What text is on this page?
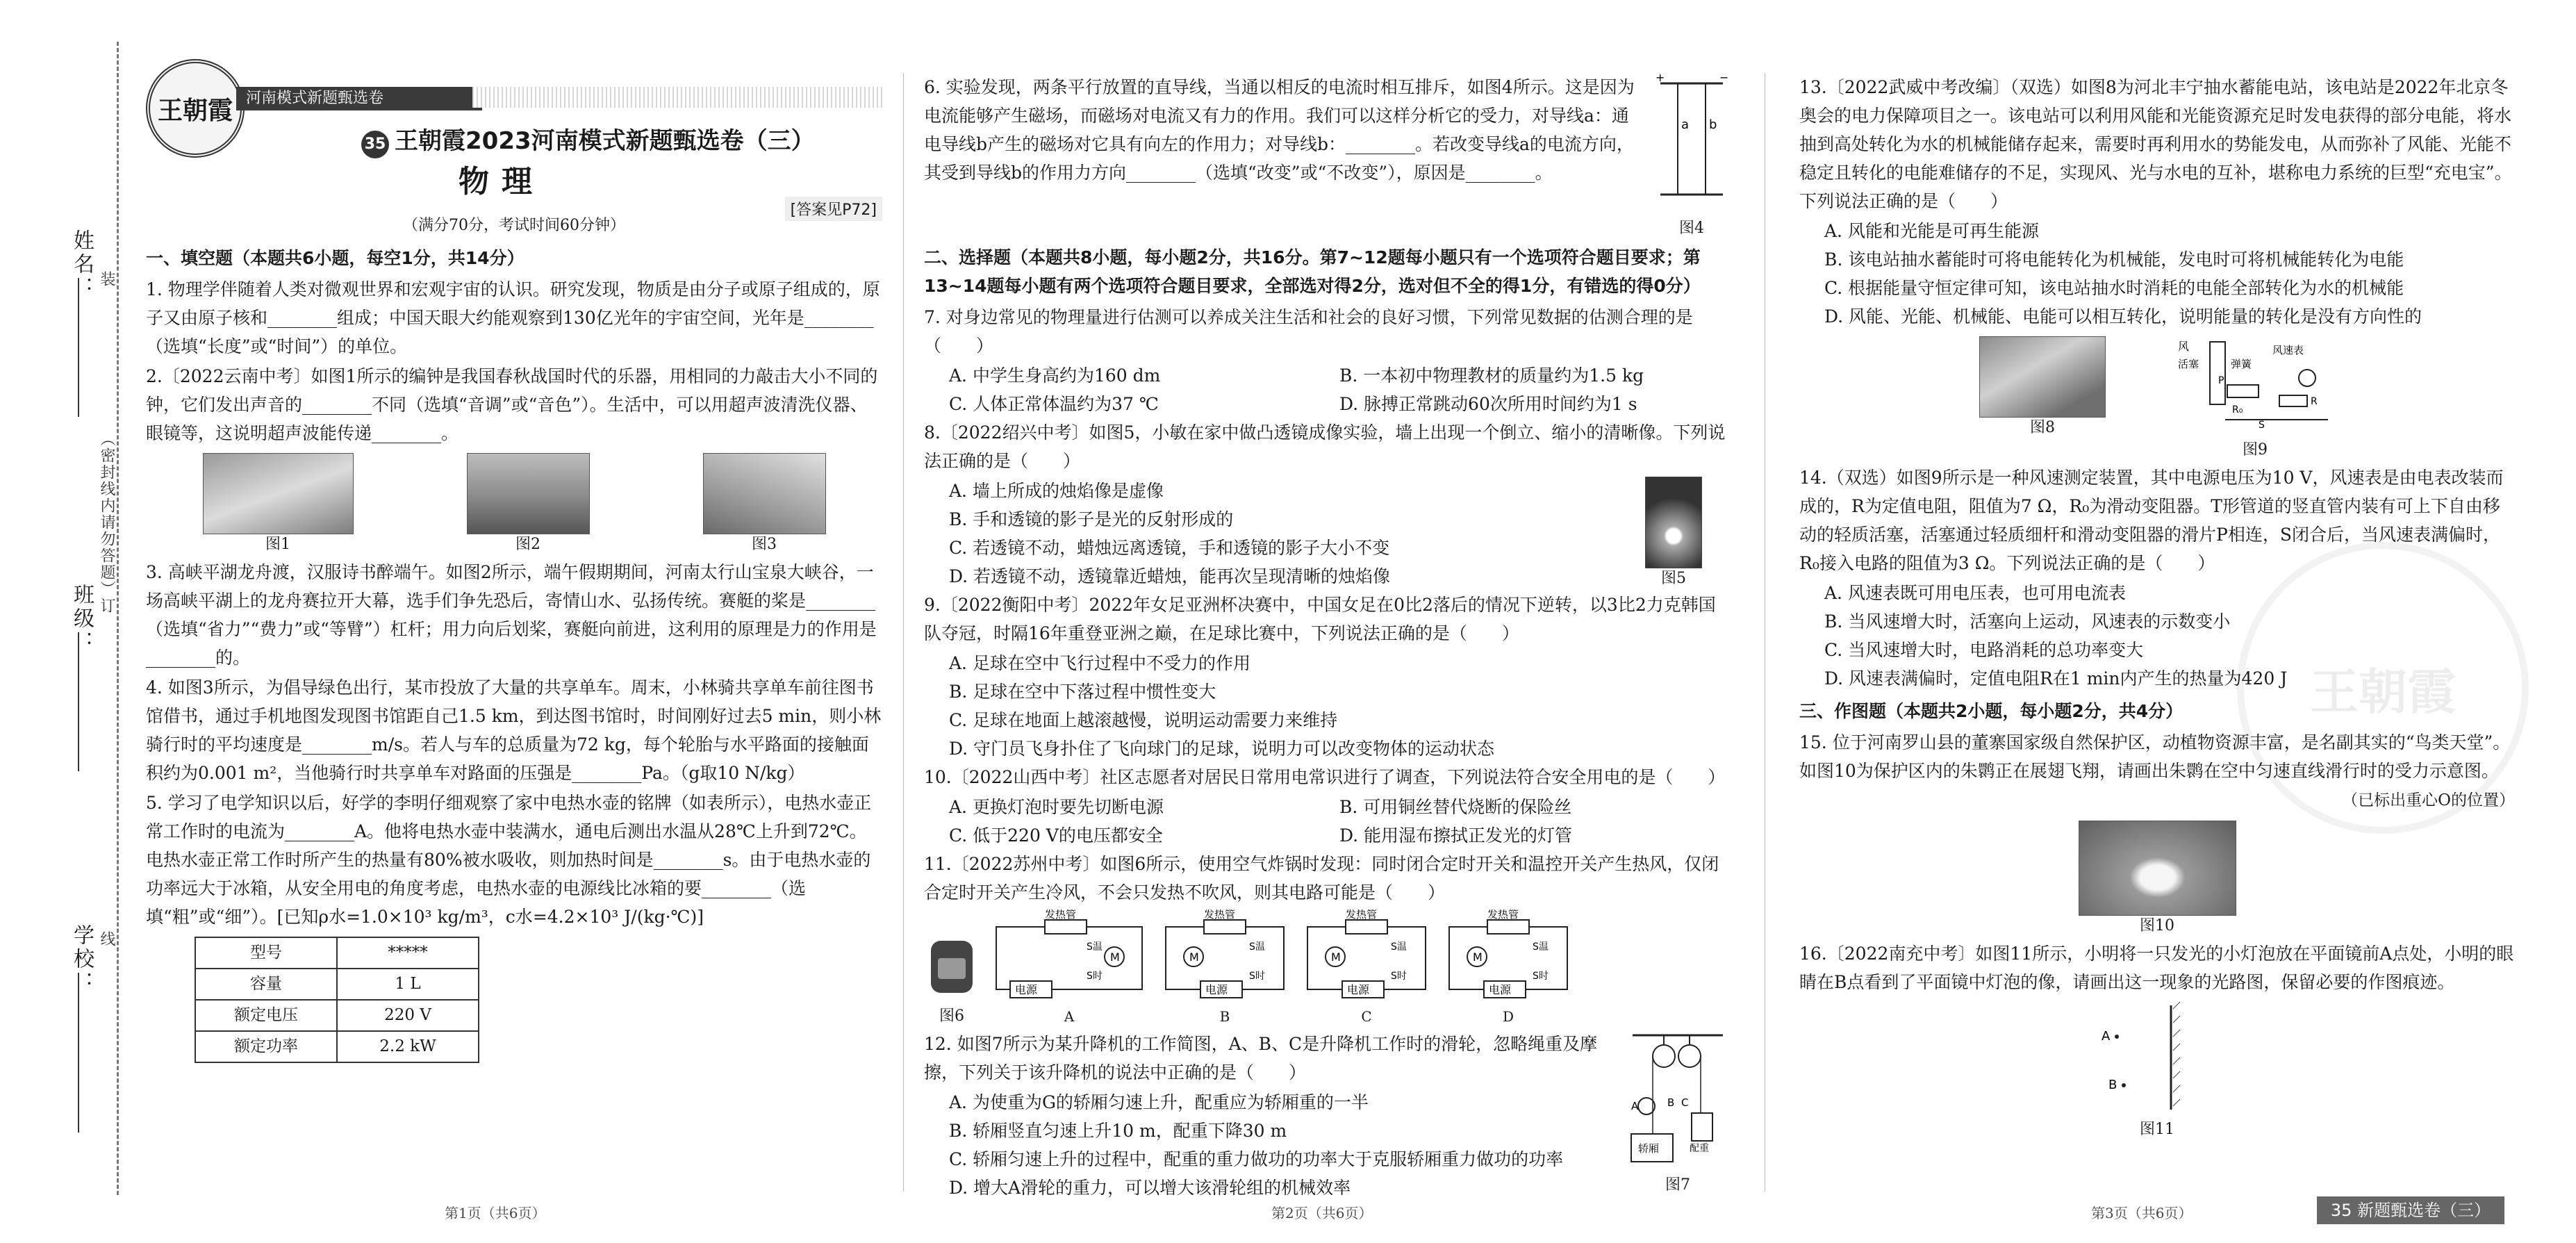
姓名：
班级：
学校：
（密封线内请勿答题）
装
订
线
王朝霞 河南模式新题甄选卷
35 王朝霞2023河南模式新题甄选卷（三）
物理
[答案见P72]

（满分70分，考试时间60分钟）

一、填空题（本题共6小题，每空1分，共14分）

1. 物理学伴随着人类对微观世界和宏观宇宙的认识。研究发现，物质是由分子或原子组成的，原子又由原子核和________组成；中国天眼大约能观察到130亿光年的宇宙空间，光年是________（选填“长度”或“时间”）的单位。

2.〔2022云南中考〕如图1所示的编钟是我国春秋战国时代的乐器，用相同的力敲击大小不同的钟，它们发出声音的________不同（选填“音调”或“音色”）。生活中，可以用超声波清洗仪器、眼镜等，这说明超声波能传递________。

图1	图2	图3

3. 高峡平湖龙舟渡，汉服诗书醉端午。如图2所示，端午假期期间，河南太行山宝泉大峡谷，一场高峡平湖上的龙舟赛拉开大幕，选手们争先恐后，寄情山水、弘扬传统。赛艇的桨是________（选填“省力”“费力”或“等臂”）杠杆；用力向后划桨，赛艇向前进，这利用的原理是力的作用是________的。

4. 如图3所示，为倡导绿色出行，某市投放了大量的共享单车。周末，小林骑共享单车前往图书馆借书，通过手机地图发现图书馆距自己1.5 km，到达图书馆时，时间刚好过去5 min，则小林骑行时的平均速度是________m/s。若人与车的总质量为72 kg，每个轮胎与水平路面的接触面积约为0.001 m²，当他骑行时共享单车对路面的压强是________Pa。（g取10 N/kg）

5. 学习了电学知识以后，好学的李明仔细观察了家中电热水壶的铭牌（如表所示），电热水壶正常工作时的电流为________A。他将电热水壶中装满水，通电后测出水温从28℃上升到72℃。电热水壶正常工作时所产生的热量有80%被水吸收，则加热时间是________s。由于电热水壶的功率远大于冰箱，从安全用电的角度考虑，电热水壶的电源线比冰箱的要________（选填“粗”或“细”）。[已知ρ水=1.0×10³ kg/m³，c水=4.2×10³ J/(kg·℃)]

型号	*****
容量	1 L
额定电压	220 V
额定功率	2.2 kW
第1页（共6页）

6. 实验发现，两条平行放置的直导线，当通以相反的电流时相互排斥，如图4所示。这是因为电流能够产生磁场，而磁场对电流又有力的作用。我们可以这样分析它的受力，对导线a：通电导线b产生的磁场对它具有向左的作用力；对导线b：________。若改变导线a的电流方向，其受到导线b的作用力方向________（选填“改变”或“不改变”），原因是________。

a b
+	−
图4

二、选择题（本题共8小题，每小题2分，共16分。第7~12题每小题只有一个选项符合题目要求；第13~14题每小题有两个选项符合题目要求，全部选对得2分，选对但不全的得1分，有错选的得0分）

7. 对身边常见的物理量进行估测可以养成关注生活和社会的良好习惯，下列常见数据的估测合理的是（　　）

A. 中学生身高约为160 dm	B. 一本初中物理教材的质量约为1.5 kg
C. 人体正常体温约为37 ℃	D. 脉搏正常跳动60次所用时间约为1 s

8.〔2022绍兴中考〕如图5，小敏在家中做凸透镜成像实验，墙上出现一个倒立、缩小的清晰像。下列说法正确的是（　　）

A. 墙上所成的烛焰像是虚像

B. 手和透镜的影子是光的反射形成的

C. 若透镜不动，蜡烛远离透镜，手和透镜的影子大小不变

D. 若透镜不动，透镜靠近蜡烛，能再次呈现清晰的烛焰像	图5

9.〔2022衡阳中考〕2022年女足亚洲杯决赛中，中国女足在0比2落后的情况下逆转，以3比2力克韩国队夺冠，时隔16年重登亚洲之巅，在足球比赛中，下列说法正确的是（　　）

A. 足球在空中飞行过程中不受力的作用

B. 足球在空中下落过程中惯性变大

C. 足球在地面上越滚越慢，说明运动需要力来维持

D. 守门员飞身扑住了飞向球门的足球，说明力可以改变物体的运动状态

10.〔2022山西中考〕社区志愿者对居民日常用电常识进行了调查，下列说法符合安全用电的是（　　）

A. 更换灯泡时要先切断电源	B. 可用铜丝替代烧断的保险丝
C. 低于220 V的电压都安全	D. 能用湿布擦拭正发光的灯管

11.〔2022苏州中考〕如图6所示，使用空气炸锅时发现：同时闭合定时开关和温控开关产生热风，仅闭合定时开关产生冷风，不会只发热不吹风，则其电路可能是（　　）

图6
M
电源
发热管
S温
S时
A
M
电源
发热管
S温
S时
B
M
电源
发热管
S温
S时
C
M
电源
发热管
S温
S时
D

12. 如图7所示为某升降机的工作简图，A、B、C是升降机工作时的滑轮，忽略绳重及摩擦，下列关于该升降机的说法中正确的是（　　）

A. 为使重为G的轿厢匀速上升，配重应为轿厢重的一半

B. 轿厢竖直匀速上升10 m，配重下降30 m

C. 轿厢匀速上升的过程中，配重的重力做功的功率大于克服轿厢重力做功的功率

D. 增大A滑轮的重力，可以增大该滑轮组的机械效率

A	B C
配重
轿厢
图7
第2页（共6页）
王朝霞

13.〔2022武威中考改编〕（双选）如图8为河北丰宁抽水蓄能电站，该电站是2022年北京冬奥会的电力保障项目之一。该电站可以利用风能和光能资源充足时发电获得的部分电能，将水抽到高处转化为水的机械能储存起来，需要时再利用水的势能发电，从而弥补了风能、光能不稳定且转化的电能难储存的不足，实现风、光与水电的互补，堪称电力系统的巨型“充电宝”。下列说法正确的是（　　）

A. 风能和光能是可再生能源

B. 该电站抽水蓄能时可将电能转化为机械能，发电时可将机械能转化为电能

C. 根据能量守恒定律可知，该电站抽水时消耗的电能全部转化为水的机械能

D. 风能、光能、机械能、电能可以相互转化，说明能量的转化是没有方向性的

图8
风
活塞	弹簧
风速表
P
R₀
R
S
图9

14.（双选）如图9所示是一种风速测定装置，其中电源电压为10 V，风速表是由电表改装而成的，R为定值电阻，阻值为7 Ω，R₀为滑动变阻器。T形管道的竖直管内装有可上下自由移动的轻质活塞，活塞通过轻质细杆和滑动变阻器的滑片P相连，S闭合后，当风速表满偏时，R₀接入电路的阻值为3 Ω。下列说法正确的是（　　）

A. 风速表既可用电压表，也可用电流表

B. 当风速增大时，活塞向上运动，风速表的示数变小

C. 当风速增大时，电路消耗的总功率变大

D. 风速表满偏时，定值电阻R在1 min内产生的热量为420 J

三、作图题（本题共2小题，每小题2分，共4分）

15. 位于河南罗山县的董寨国家级自然保护区，动植物资源丰富，是名副其实的“鸟类天堂”。如图10为保护区内的朱鹮正在展翅飞翔，请画出朱鹮在空中匀速直线滑行时的受力示意图。

（已标出重心O的位置）

图10

16.〔2022南充中考〕如图11所示，小明将一只发光的小灯泡放在平面镜前A点处，小明的眼睛在B点看到了平面镜中灯泡的像，请画出这一现象的光路图，保留必要的作图痕迹。

A
B
图11
第3页（共6页）	35 新题甄选卷（三）
